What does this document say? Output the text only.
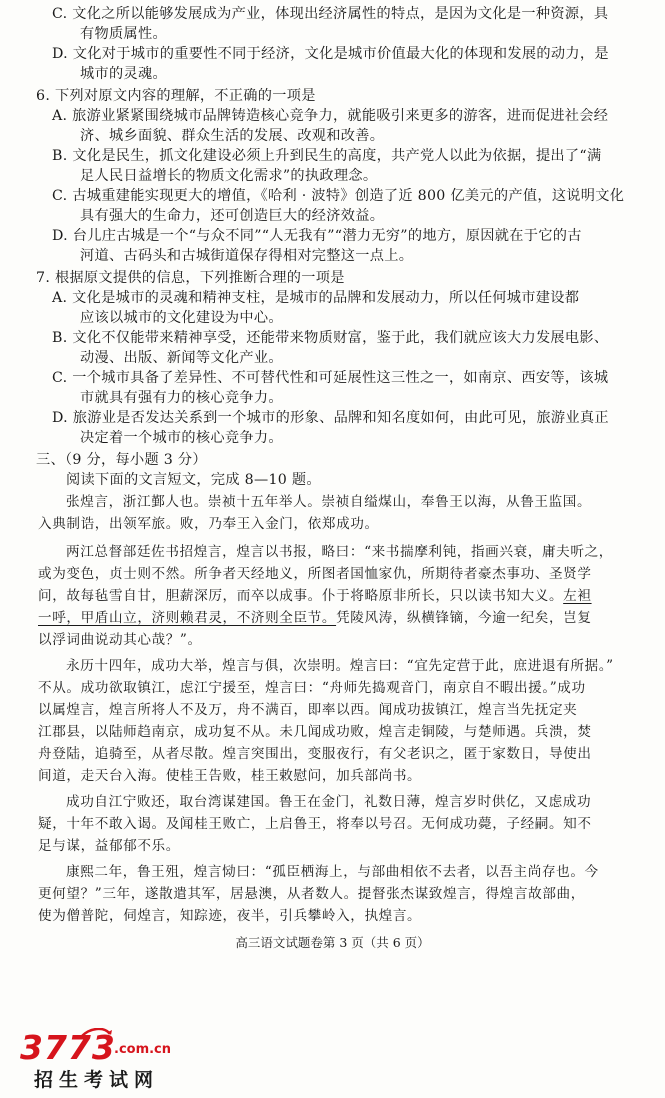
C. 文化之所以能够发展成为产业，体现出经济属性的特点，是因为文化是一种资源，具
有物质属性。
D. 文化对于城市的重要性不同于经济，文化是城市价值最大化的体现和发展的动力，是
城市的灵魂。
6. 下列对原文内容的理解，不正确的一项是
A. 旅游业紧紧围绕城市品牌铸造核心竞争力，就能吸引来更多的游客，进而促进社会经
济、城乡面貌、群众生活的发展、改观和改善。
B. 文化是民生，抓文化建设必须上升到民生的高度，共产党人以此为依据，提出了“满
足人民日益增长的物质文化需求”的执政理念。
C. 古城重建能实现更大的增值，《哈利 · 波特》创造了近 800 亿美元的产值，这说明文化
具有强大的生命力，还可创造巨大的经济效益。
D. 台儿庄古城是一个“与众不同”“人无我有”“潜力无穷”的地方，原因就在于它的古
河道、古码头和古城街道保存得相对完整这一点上。
7. 根据原文提供的信息，下列推断合理的一项是
A. 文化是城市的灵魂和精神支柱，是城市的品牌和发展动力，所以任何城市建设都
应该以城市的文化建设为中心。
B. 文化不仅能带来精神享受，还能带来物质财富，鉴于此，我们就应该大力发展电影、
动漫、出版、新闻等文化产业。
C. 一个城市具备了差异性、不可替代性和可延展性这三性之一，如南京、西安等，该城
市就具有强有力的核心竞争力。
D. 旅游业是否发达关系到一个城市的形象、品牌和知名度如何，由此可见，旅游业真正
决定着一个城市的核心竞争力。
三、（9 分，每小题 3 分）
阅读下面的文言短文，完成 8—10 题。
张煌言，浙江鄞人也。崇祯十五年举人。崇祯自缢煤山，奉鲁王以海，从鲁王监国。
入典制诰，出领军旅。败，乃奉王入金门，依郑成功。
两江总督部廷佐书招煌言，煌言以书报，略曰：“来书揣摩利钝，指画兴衰，庸夫听之，
或为变色，贞士则不然。所争者天经地义，所图者国恤家仇，所期待者豪杰事功、圣贤学
问，故每毡雪自甘，胆薪深厉，而卒以成事。仆于将略原非所长，只以读书知大义。左袒
一呼，甲盾山立，济则赖君灵，不济则全臣节。凭陵风涛，纵横锋镝，今逾一纪矣，岂复
以浮词曲说动其心哉？”。
永历十四年，成功大举，煌言与俱，次崇明。煌言曰：“宜先定营于此，庶进退有所据。”
不从。成功欲取镇江，虑江宁援至，煌言曰：“舟师先捣观音门，南京自不暇出援。”成功
以属煌言，煌言所将人不及万，舟不满百，即率以西。闻成功拔镇江，煌言当先抚定夹
江郡县，以陆师趋南京，成功复不从。未几闻成功败，煌言走铜陵，与楚师遇。兵溃，焚
舟登陆，追骑至，从者尽散。煌言突围出，变服夜行，有父老识之，匿于家数日，导使出
间道，走天台入海。使桂王告败，桂王敕慰问，加兵部尚书。
成功自江宁败还，取台湾谋建国。鲁王在金门，礼数日薄，煌言岁时供亿，又虑成功
疑，十年不敢入谒。及闻桂王败亡，上启鲁王，将奉以号召。无何成功薨，子经嗣。知不
足与谋，益郁郁不乐。
康熙二年，鲁王殂，煌言恸曰：“孤臣栖海上，与部曲相依不去者，以吾主尚存也。今
更何望？”三年，遂散遣其军，居悬澳，从者数人。提督张杰谋致煌言，得煌言故部曲，
使为僧普陀，伺煌言，知踪迹，夜半，引兵攀岭入，执煌言。
高三语文试题卷第 3 页（共 6 页）
3773
.com.cn
招生考试网
